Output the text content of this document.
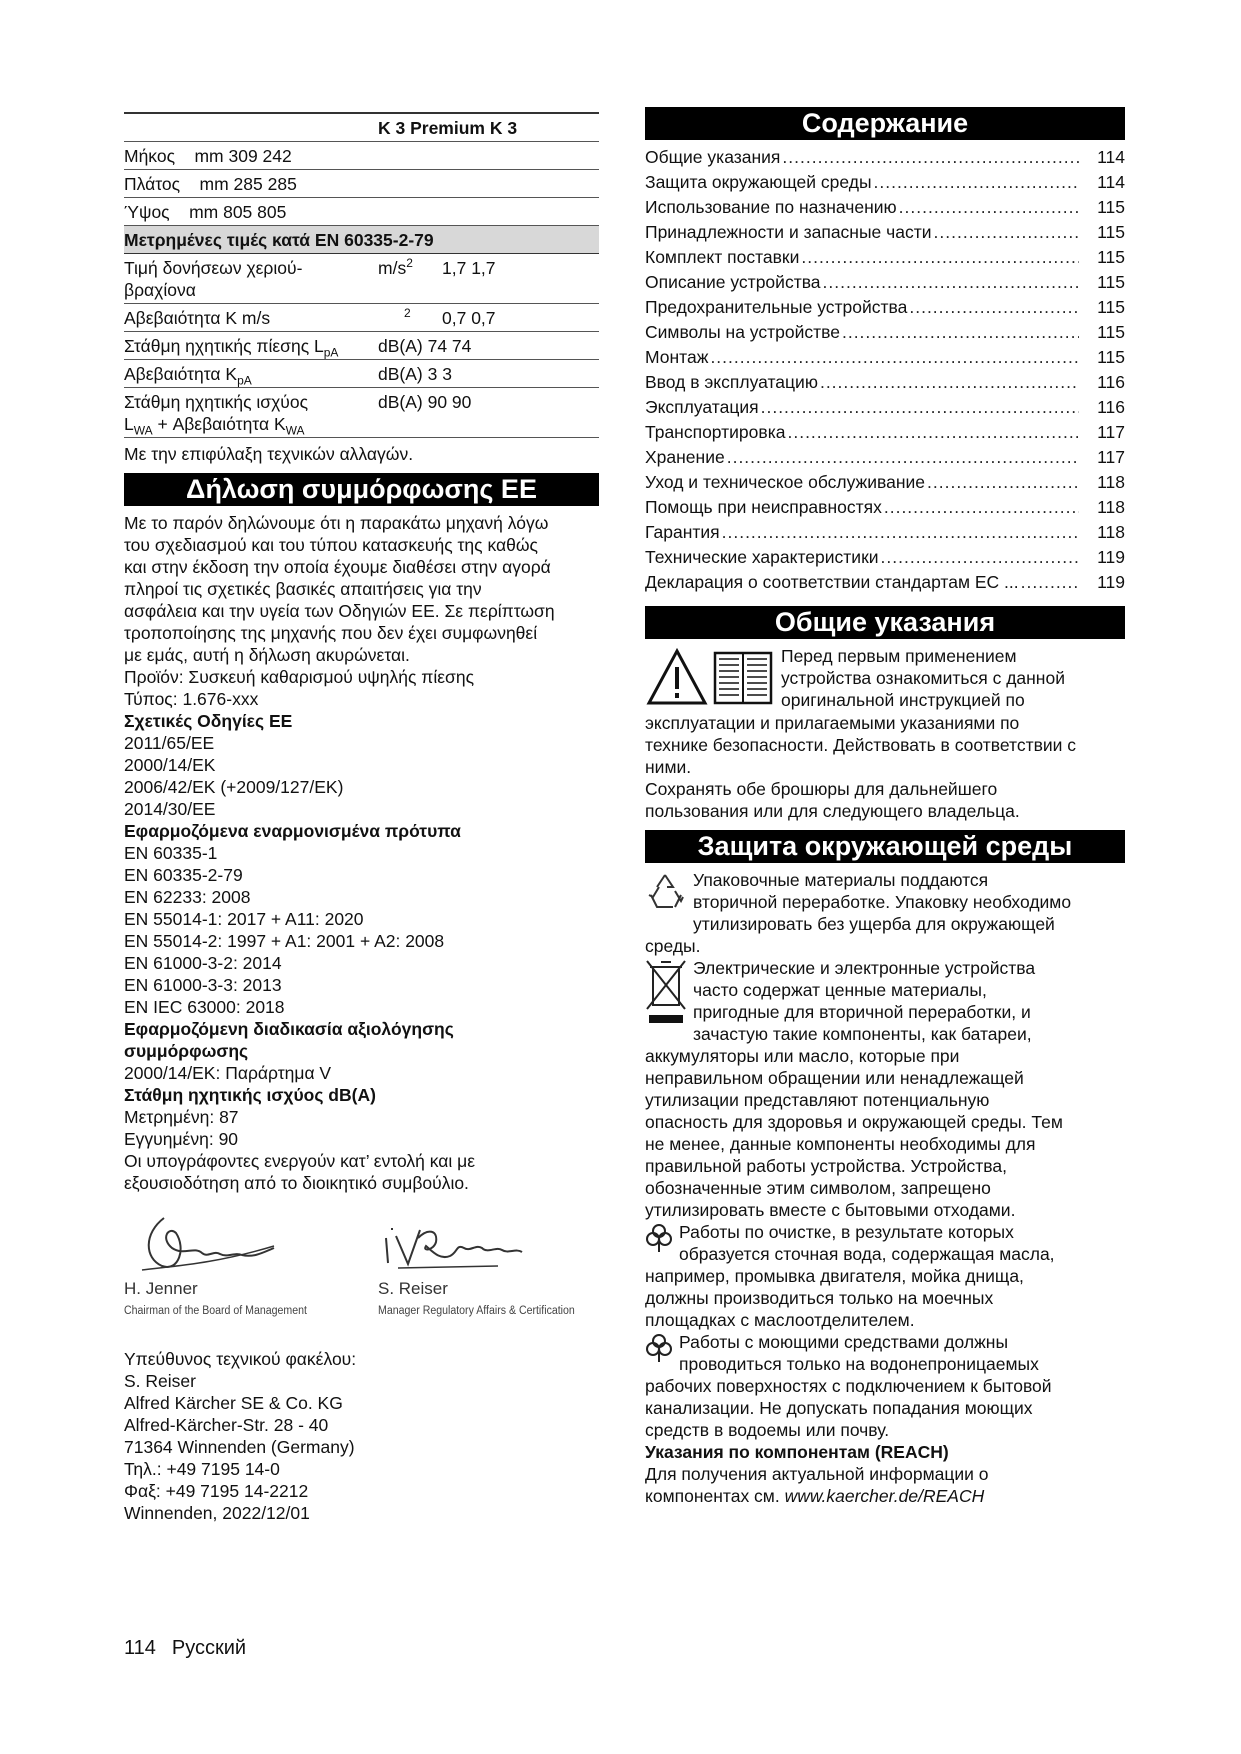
	K 3 Premium K 3	
Μήκος mm 309 242		
Πλάτος mm 285 285		
Ύψος mm 805 805		
Μετρημένες τιμές κατά EN 60335-2-79		

Τιμή δονήσεων χεριού-
βραχίονα	$m/s^2$	1,7 1,7
Αβεβαιότητα K m/s	$^2$	0,7 0,7
Στάθμη ηχητικής πίεσης $L_{pA}$	dB(A) 74 74	
Αβεβαιότητα $K_{pA}$	dB(A) 3 3	

Στάθμη ηχητικής ισχύος
$L_{WA} + A\beta\varepsilon\beta\alpha\iota ό\tau\eta\tau\alpha$ $K_{WA}$	dB(A) 90 90	
Με την επιφύλαξη τεχνικών αλλαγών.
Δήλωση συμμόρφωσης ΕΕ
Με το παρόν δηλώνουμε ότι η παρακάτω μηχανή λόγω
του σχεδιασμού και του τύπου κατασκευής της καθώς
και στην έκδοση την οποία έχουμε διαθέσει στην αγορά
πληροί τις σχετικές βασικές απαιτήσεις για την
ασφάλεια και την υγεία των Οδηγιών ΕΕ. Σε περίπτωση
τροποποίησης της μηχανής που δεν έχει συμφωνηθεί
με εμάς, αυτή η δήλωση ακυρώνεται.
Προϊόν: Συσκευή καθαρισμού υψηλής πίεσης
Τύπος: 1.676-xxx
Σχετικές Οδηγίες ΕΕ
2011/65/EE
2000/14/EK
2006/42/EK (+2009/127/EK)
2014/30/EE
Εφαρμοζόμενα εναρμονισμένα πρότυπα
EN 60335-1
EN 60335-2-79
EN 62233: 2008
EN 55014-1: 2017 + A11: 2020
EN 55014-2: 1997 + A1: 2001 + A2: 2008
EN 61000-3-2: 2014
EN 61000-3-3: 2013
EN IEC 63000: 2018
Εφαρμοζόμενη διαδικασία αξιολόγησης
συμμόρφωσης
2000/14/EK: Παράρτημα V
Στάθμη ηχητικής ισχύος dB(A)
Μετρημένη: 87
Εγγυημένη: 90
Οι υπογράφοντες ενεργούν κατ’ εντολή και με
εξουσιοδότηση από το διοικητικό συμβούλιο.
H. Jenner
Chairman of the Board of Management
S. Reiser
Manager Regulatory Affairs & Certification
Υπεύθυνος τεχνικού φακέλου:
S. Reiser
Alfred Kärcher SE & Co. KG
Alfred-Kärcher-Str. 28 - 40
71364 Winnenden (Germany)
Τηλ.: +49 7195 14-0
Φαξ: +49 7195 14-2212
Winnenden, 2022/12/01
Содержание
Общие указания .....	114
Защита окружающей среды .....	114
Использование по назначению .....	115
Принадлежности и запасные части .....	115
Комплект поставки .....	115
Описание устройства .....	115
Предохранительные устройства .....	115
Символы на устройстве .....	115
Монтаж .....	115
Ввод в эксплуатацию .....	116
Эксплуатация .....	116
Транспортировка .....	117
Хранение .....	117
Уход и техническое обслуживание .....	118
Помощь при неисправностях .....	118
Гарантия .....	118
Технические характеристики .....	119
Декларация о соответствии стандартам ЕС ... .....	119
Общие указания
Перед первым применением
устройства ознакомиться с данной
оригинальной инструкцией по
эксплуатации и прилагаемыми указаниями по
технике безопасности. Действовать в соответствии с
ними.
Сохранять обе брошюры для дальнейшего
пользования или для следующего владельца.
Защита окружающей среды
Упаковочные материалы поддаются
вторичной переработке. Упаковку необходимо
утилизировать без ущерба для окружающей
среды.
Электрические и электронные устройства
часто содержат ценные материалы,
пригодные для вторичной переработки, и
зачастую такие компоненты, как батареи,
аккумуляторы или масло, которые при
неправильном обращении или ненадлежащей
утилизации представляют потенциальную
опасность для здоровья и окружающей среды. Тем
не менее, данные компоненты необходимы для
правильной работы устройства. Устройства,
обозначенные этим символом, запрещено
утилизировать вместе с бытовыми отходами.
Работы по очистке, в результате которых
образуется сточная вода, содержащая масла,
например, промывка двигателя, мойка днища,
должны производиться только на моечных
площадках с маслоотделителем.
Работы с моющими средствами должны
проводиться только на водонепроницаемых
рабочих поверхностях с подключением к бытовой
канализации. Не допускать попадания моющих
средств в водоемы или почву.
Указания по компонентам (REACH)
Для получения актуальной информации о
компонентах см. www.kaercher.de/REACH
114 Русский
